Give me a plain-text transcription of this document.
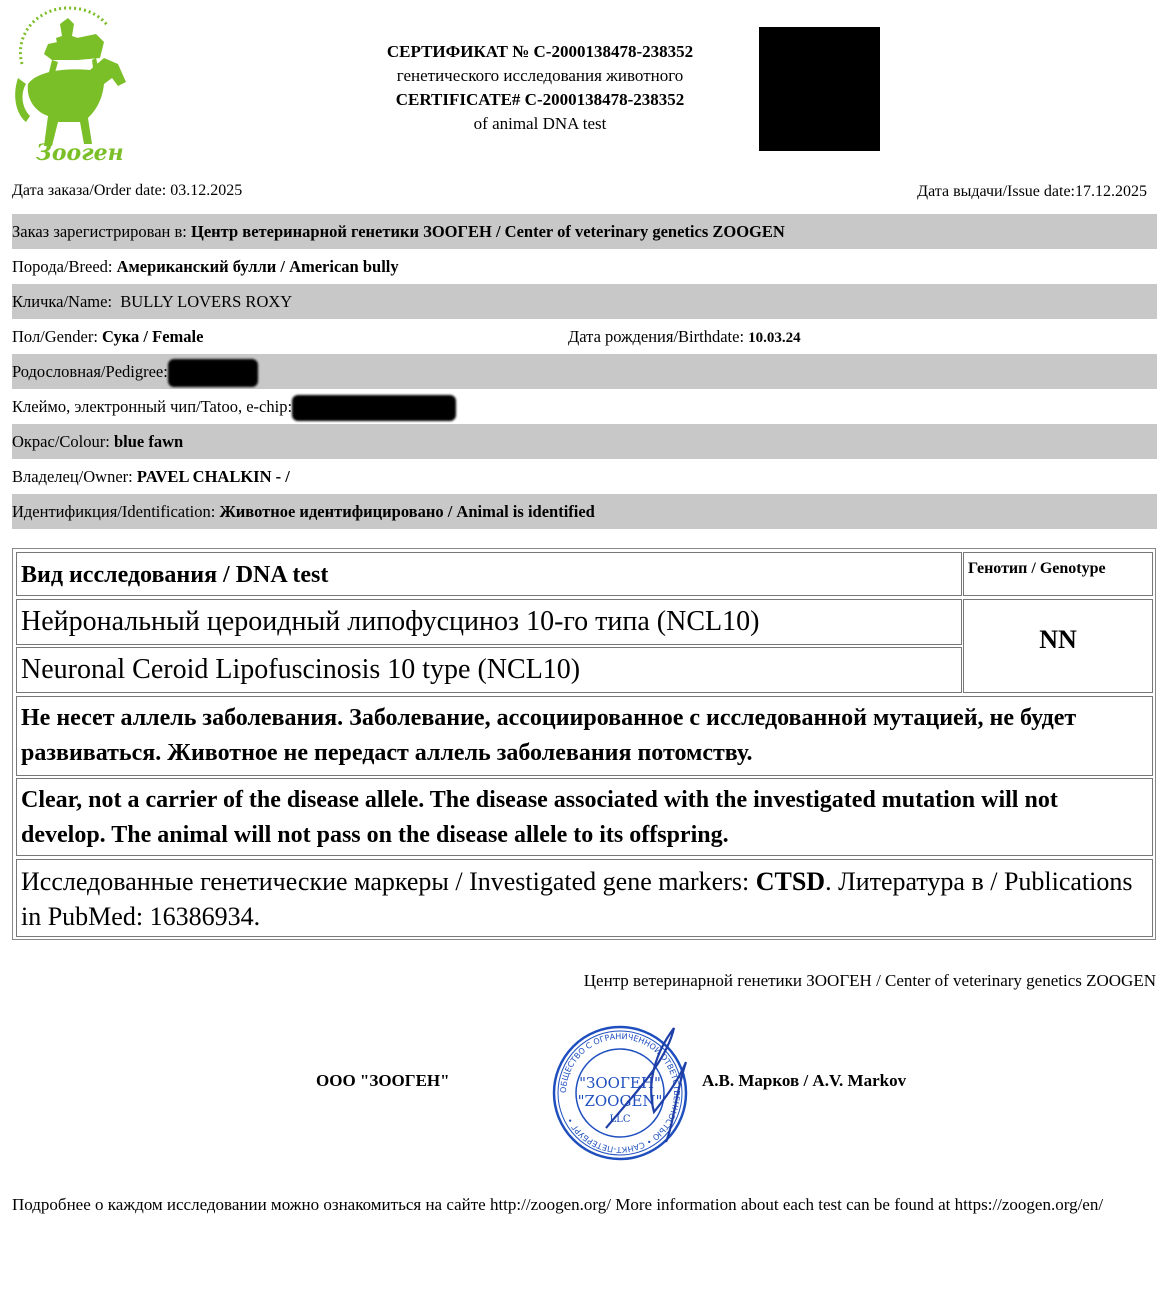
Зооген
СЕРТИФИКАТ № С-2000138478-238352
генетического исследования животного
CERTIFICATE# C-2000138478-238352
of animal DNA test
Дата заказа/Order date: 03.12.2025	Дата выдачи/Issue date:17.12.2025
Заказ зарегистрирован в: Центр ветеринарной генетики ЗООГЕН / Center of veterinary genetics ZOOGEN
Порода/Breed: Американский булли / American bully
Кличка/Name: BULLY LOVERS ROXY
Пол/Gender: Сука / Female	Дата рождения/Birthdate: 10.03.24
Родословная/Pedigree:
Клеймо, электронный чип/Tatoo, e-chip:
Окрас/Colour: blue fawn
Владелец/Owner: PAVEL CHALKIN - /
Идентификция/Identification: Животное идентифицировано / Animal is identified
Вид исследования / DNA test	Генотип / Genotype
Нейрональный цероидный липофусциноз 10-го типа (NCL10)
Neuronal Ceroid Lipofuscinosis 10 type (NCL10)
NN
Не несет аллель заболевания. Заболевание, ассоциированное с исследованной мутацией, не будет развиваться. Животное не передаст аллель заболевания потомству.
Clear, not a carrier of the disease allele. The disease associated with the investigated mutation will not develop. The animal will not pass on the disease allele to its offspring.
Исследованные генетические маркеры / Investigated gene markers: CTSD. Литература в / Publications in PubMed: 16386934.
Центр ветеринарной генетики ЗООГЕН / Center of veterinary genetics ZOOGEN
ООО "ЗООГЕН"	ОБЩЕСТВО С ОГРАНИЧЕННОЙ ОТВЕТСТВЕННОСТЬЮ • САНКТ-ПЕТЕРБУРГ •
"ЗООГЕН"
"ZOOGEN"
LLC
А.В. Марков / A.V. Markov
Подробнее о каждом исследовании можно ознакомиться на сайте http://zoogen.org/ More information about each test can be found at https://zoogen.org/en/
